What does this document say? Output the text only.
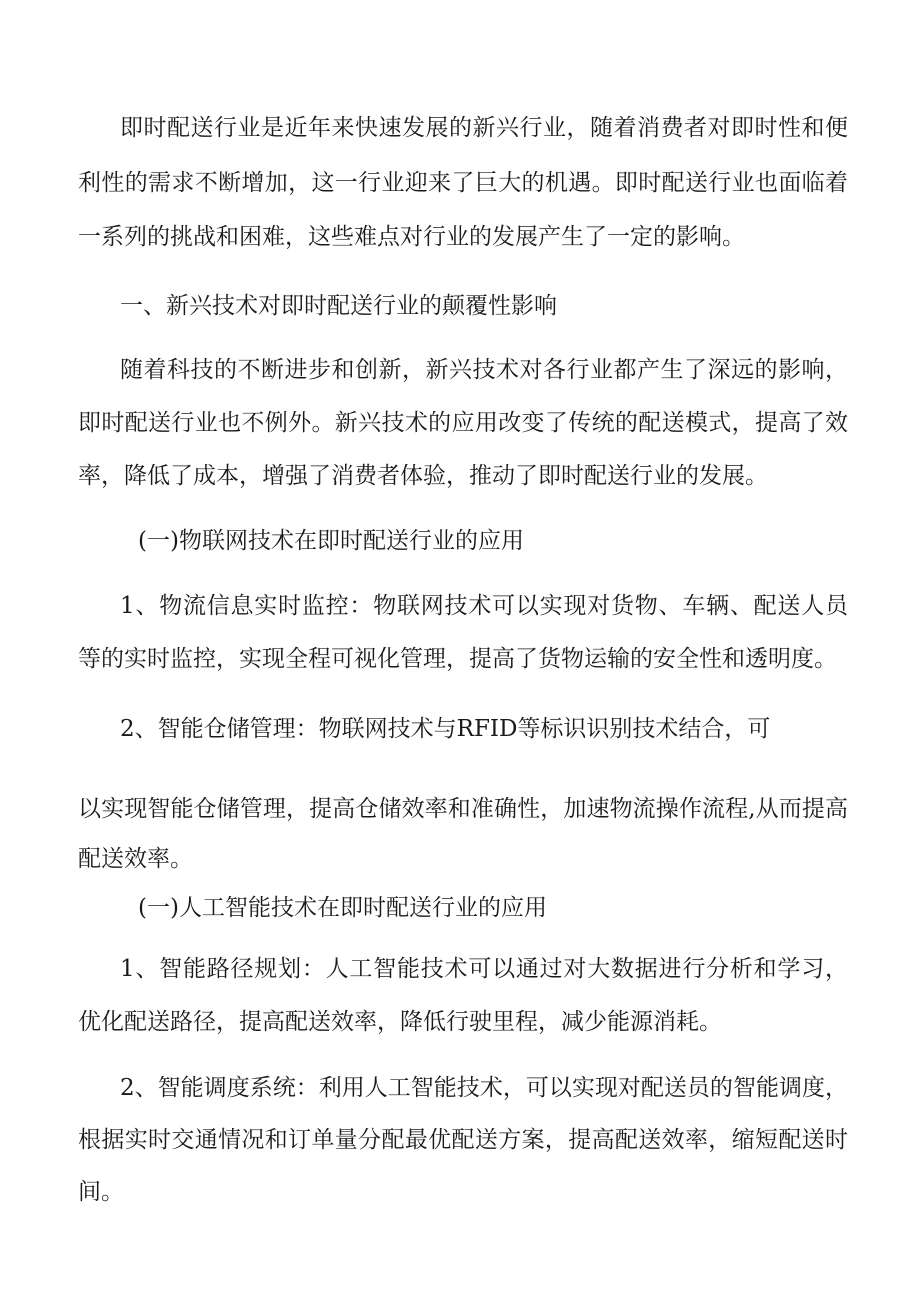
即时配送行业是近年来快速发展的新兴行业，随着消费者对即时性和便
利性的需求不断增加，这一行业迎来了巨大的机遇。即时配送行业也面临着
一系列的挑战和困难，这些难点对行业的发展产生了一定的影响。
一、新兴技术对即时配送行业的颠覆性影响
随着科技的不断进步和创新，新兴技术对各行业都产生了深远的影响，
即时配送行业也不例外。新兴技术的应用改变了传统的配送模式，提高了效
率，降低了成本，增强了消费者体验，推动了即时配送行业的发展。
(一)物联网技术在即时配送行业的应用
1、物流信息实时监控：物联网技术可以实现对货物、车辆、配送人员
等的实时监控，实现全程可视化管理，提高了货物运输的安全性和透明度。
2、智能仓储管理：物联网技术与RFID等标识识别技术结合，可
以实现智能仓储管理，提高仓储效率和准确性，加速物流操作流程,从而提高
配送效率。
(一)人工智能技术在即时配送行业的应用
1、智能路径规划：人工智能技术可以通过对大数据进行分析和学习，
优化配送路径，提高配送效率，降低行驶里程，减少能源消耗。
2、智能调度系统：利用人工智能技术，可以实现对配送员的智能调度，
根据实时交通情况和订单量分配最优配送方案，提高配送效率，缩短配送时
间。
